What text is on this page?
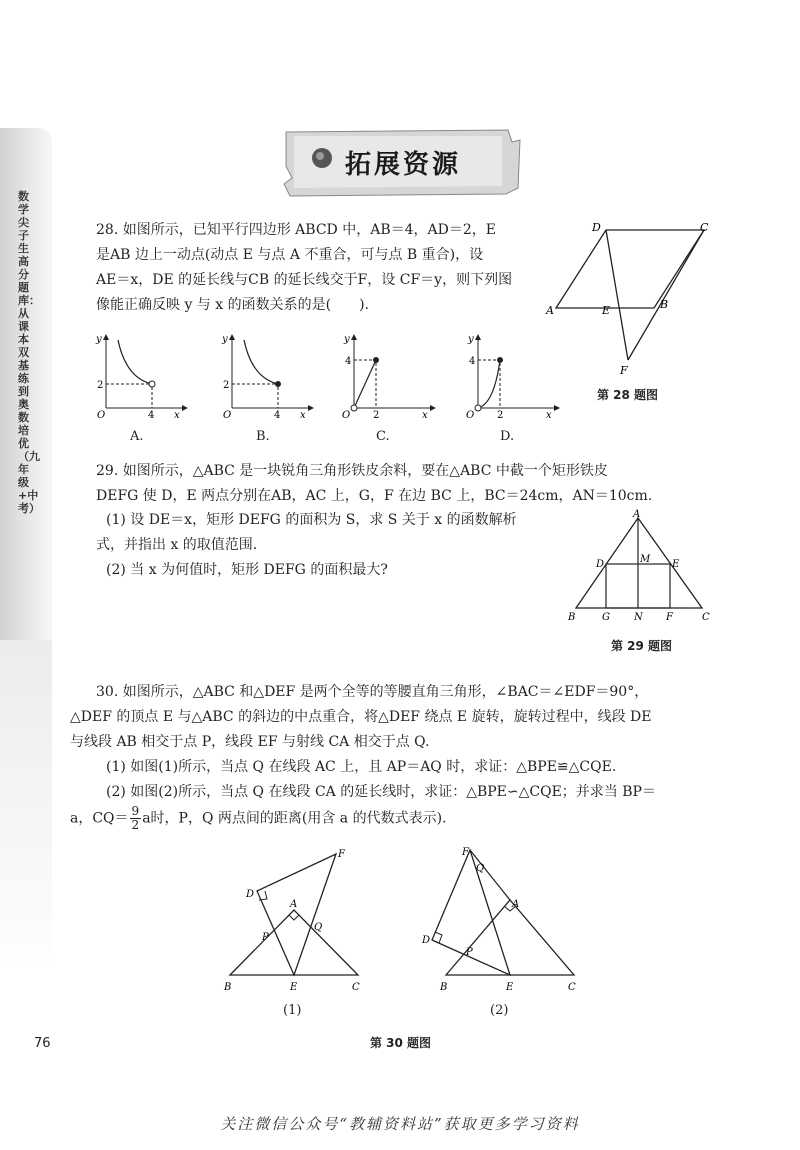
数学尖子生高分题库：从课本双基练到奥数培优（九年级+中考）
拓展资源
28. 如图所示，已知平行四边形 ABCD 中，AB＝4，AD＝2，E
是AB 边上一动点(动点 E 与点 A 不重合，可与点 B 重合)，设
AE＝x，DE 的延长线与CB 的延长线交于F，设 CF＝y，则下列图
像能正确反映 y 与 x 的函数关系的是(　　).
D	C
A	E	B
F
第 28 题图
y
x
O
2
4
y
x
O
2
4
y
x
O
4
2
y
x
O
4
2
A.	B.	C.	D.
29. 如图所示，△ABC 是一块锐角三角形铁皮余料，要在△ABC 中截一个矩形铁皮
DEFG 使 D，E 两点分别在AB，AC 上，G，F 在边 BC 上，BC＝24cm，AN＝10cm.
(1) 设 DE＝x，矩形 DEFG 的面积为 S，求 S 关于 x 的函数解析
式，并指出 x 的取值范围.
(2) 当 x 为何值时，矩形 DEFG 的面积最大?
A
D	M E
B	G N F	C
第 29 题图
30. 如图所示，△ABC 和△DEF 是两个全等的等腰直角三角形，∠BAC＝∠EDF＝90°，
△DEF 的顶点 E 与△ABC 的斜边的中点重合，将△DEF 绕点 E 旋转，旋转过程中，线段 DE
与线段 AB 相交于点 P，线段 EF 与射线 CA 相交于点 Q.
(1) 如图(1)所示，当点 Q 在线段 AC 上，且 AP＝AQ 时，求证：△BPE≌△CQE.
(2) 如图(2)所示，当点 Q 在线段 CA 的延长线时，求证：△BPE∽△CQE；并求当 BP＝
a，$CQ= \frac{9}{2}$ a时，P，Q 两点间的距离(用含 a 的代数式表示).
D
F
A
P
Q
B	E	C
(1)
F
Q
A
D
P
B	E	C
(2)
第 30 题图
76
关注微信公众号“教辅资料站”获取更多学习资料
